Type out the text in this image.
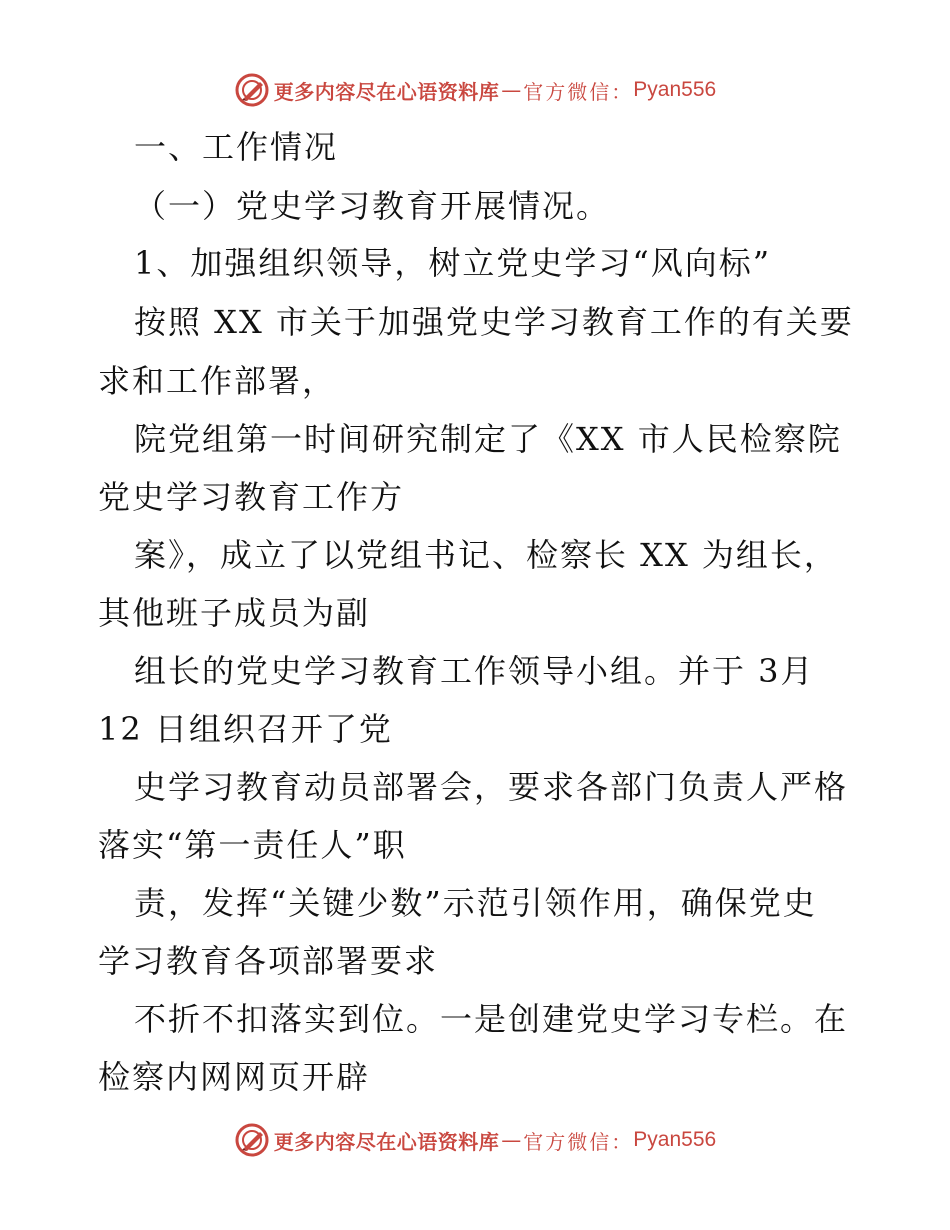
更多内容尽在心语资料库 — 官方微信： Pyan556
一、工作情况
（一）党史学习教育开展情况。
1、加强组织领导，树立党史学习“风向标”
按照 XX 市关于加强党史学习教育工作的有关要
求和工作部署，
院党组第一时间研究制定了《XX 市人民检察院
党史学习教育工作方
案》，成立了以党组书记、检察长 XX 为组长，
其他班子成员为副
组长的党史学习教育工作领导小组。并于 3月
12 日组织召开了党
史学习教育动员部署会，要求各部门负责人严格
落实“第一责任人”职
责，发挥“关键少数”示范引领作用，确保党史
学习教育各项部署要求
不折不扣落实到位。一是创建党史学习专栏。在
检察内网网页开辟
更多内容尽在心语资料库 — 官方微信： Pyan556
